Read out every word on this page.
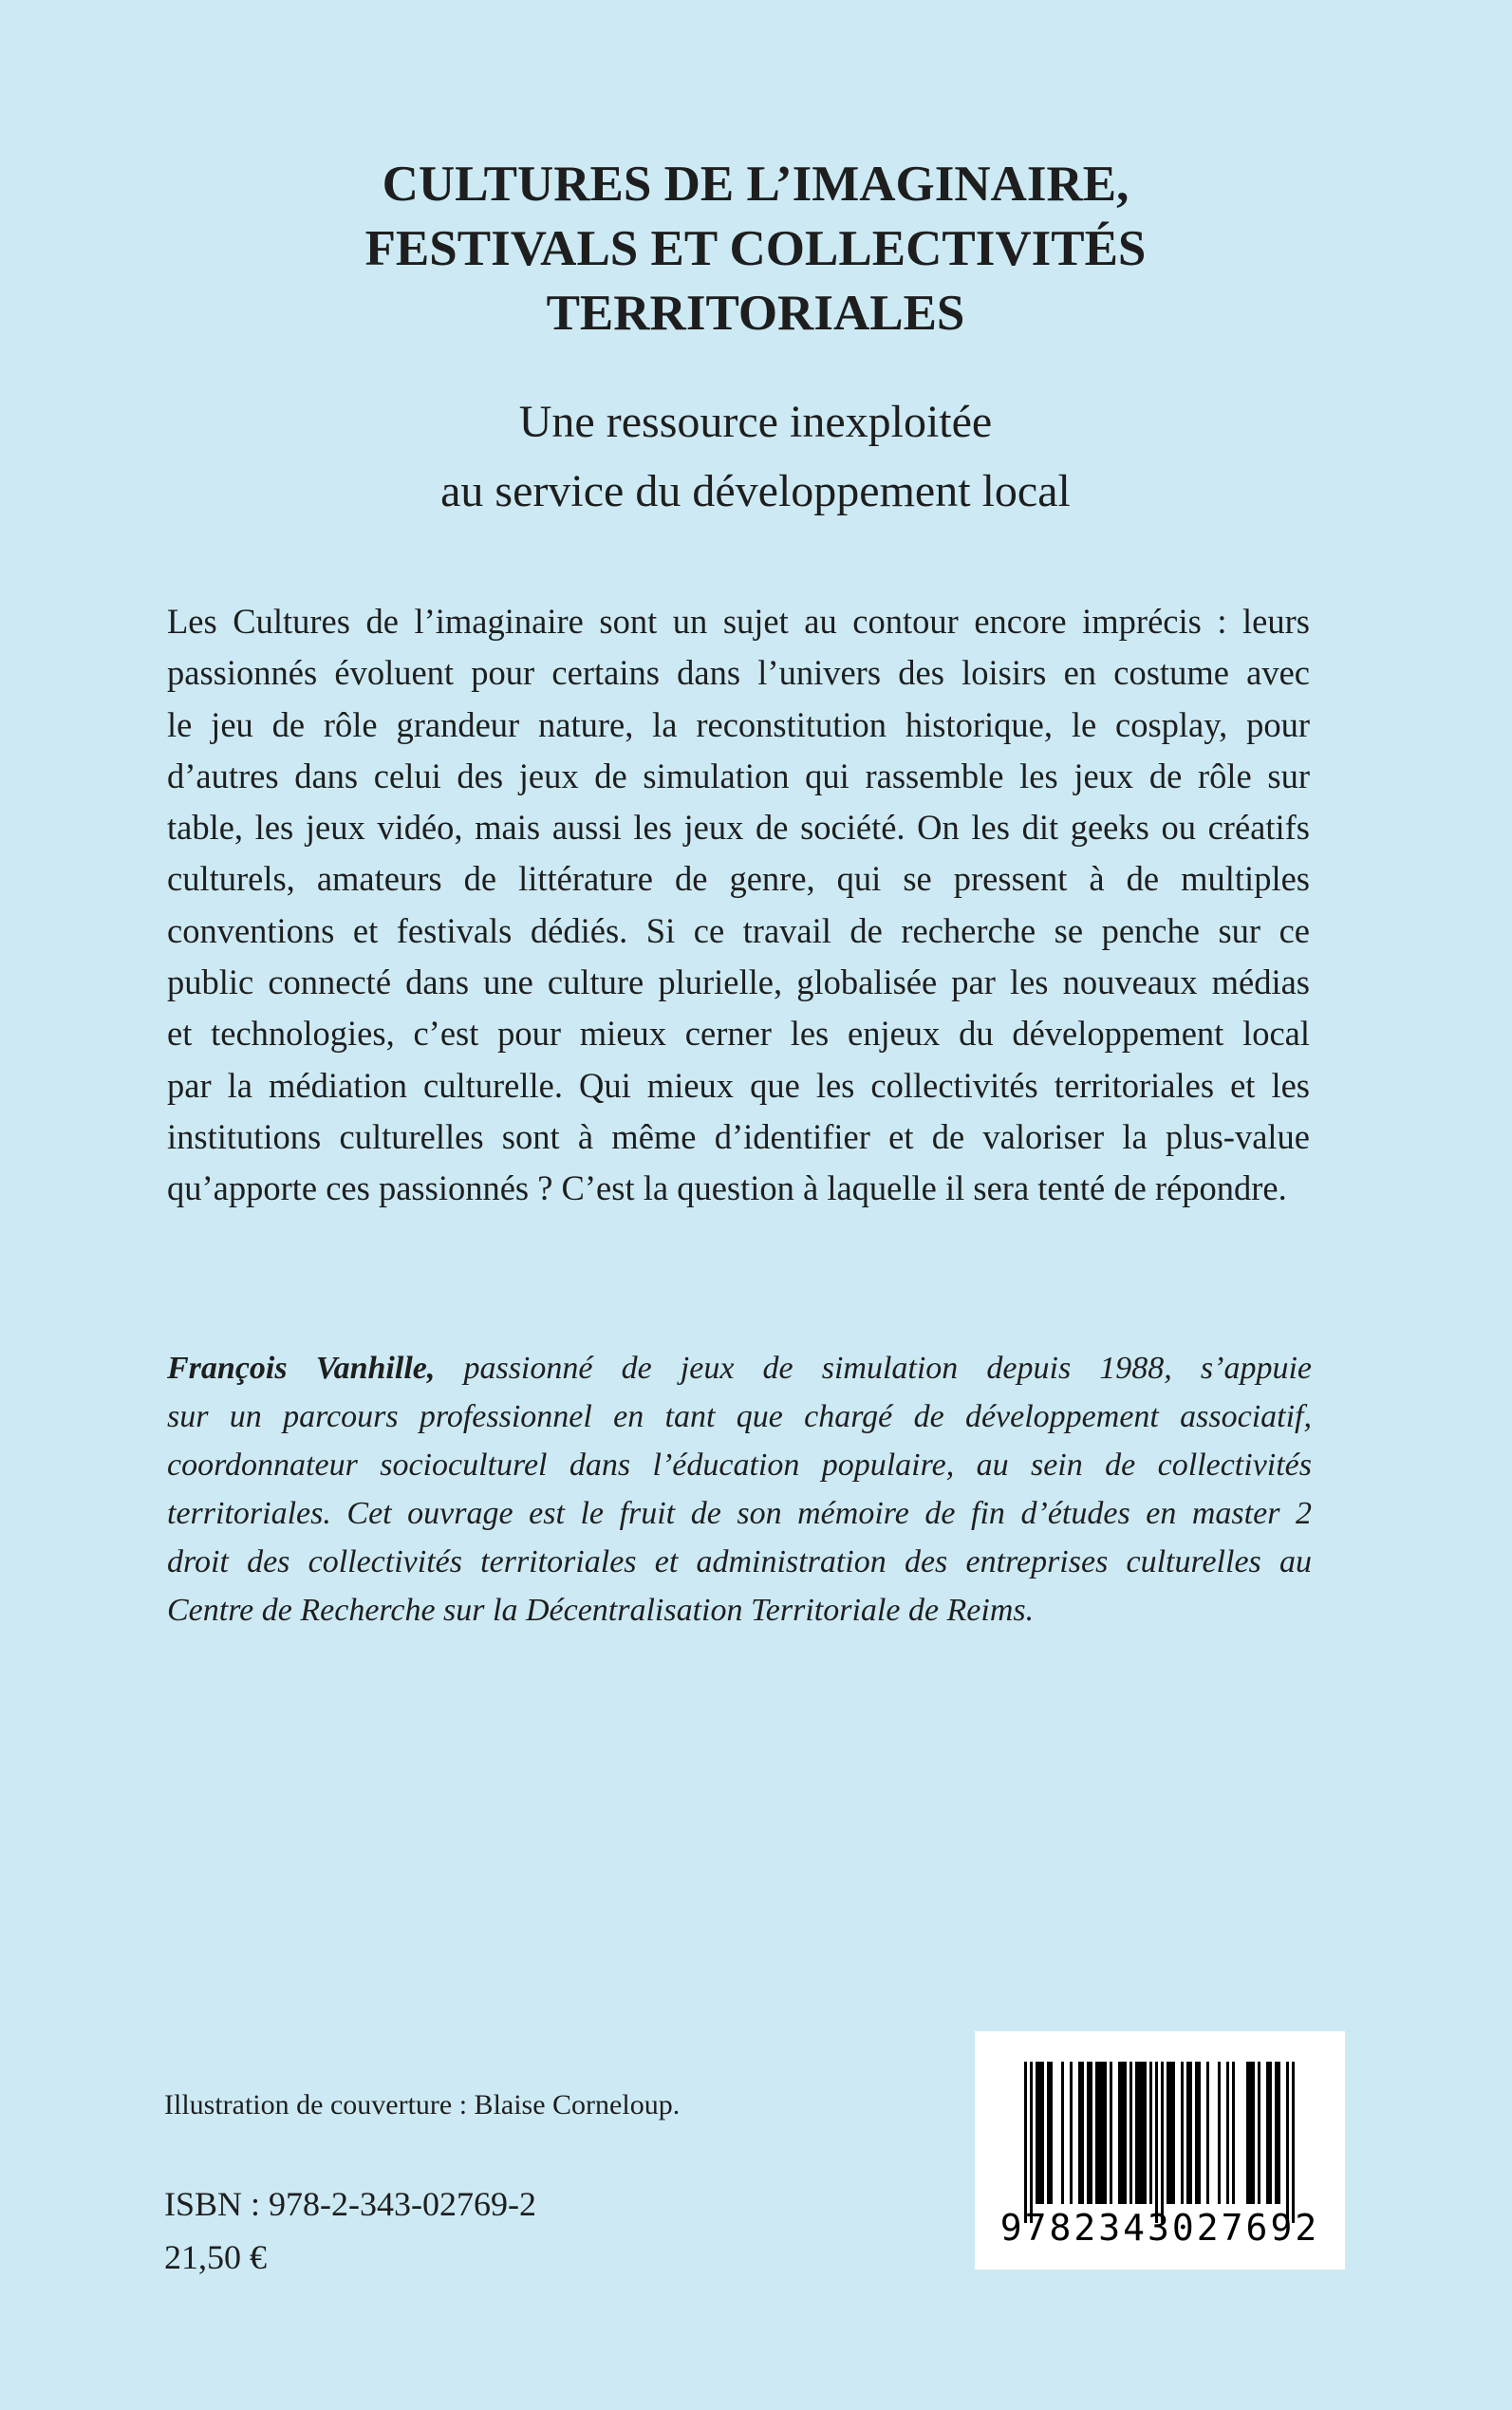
CULTURES DE L’IMAGINAIRE,
FESTIVALS ET COLLECTIVITÉS
TERRITORIALES
Une ressource inexploitée
au service du développement local
Les Cultures de l’imaginaire sont un sujet au contour encore imprécis : leurs
passionnés évoluent pour certains dans l’univers des loisirs en costume avec
le jeu de rôle grandeur nature, la reconstitution historique, le cosplay, pour
d’autres dans celui des jeux de simulation qui rassemble les jeux de rôle sur
table, les jeux vidéo, mais aussi les jeux de société. On les dit geeks ou créatifs
culturels, amateurs de littérature de genre, qui se pressent à de multiples
conventions et festivals dédiés. Si ce travail de recherche se penche sur ce
public connecté dans une culture plurielle, globalisée par les nouveaux médias
et technologies, c’est pour mieux cerner les enjeux du développement local
par la médiation culturelle. Qui mieux que les collectivités territoriales et les
institutions culturelles sont à même d’identifier et de valoriser la plus-value
qu’apporte ces passionnés ? C’est la question à laquelle il sera tenté de répondre.
François Vanhille, passionné de jeux de simulation depuis 1988, s’appuie
sur un parcours professionnel en tant que chargé de développement associatif,
coordonnateur socioculturel dans l’éducation populaire, au sein de collectivités
territoriales. Cet ouvrage est le fruit de son mémoire de fin d’études en master 2
droit des collectivités territoriales et administration des entreprises culturelles au
Centre de Recherche sur la Décentralisation Territoriale de Reims.
Illustration de couverture : Blaise Corneloup.
ISBN : 978-2-343-02769-2
21,50 €
9782343027692
